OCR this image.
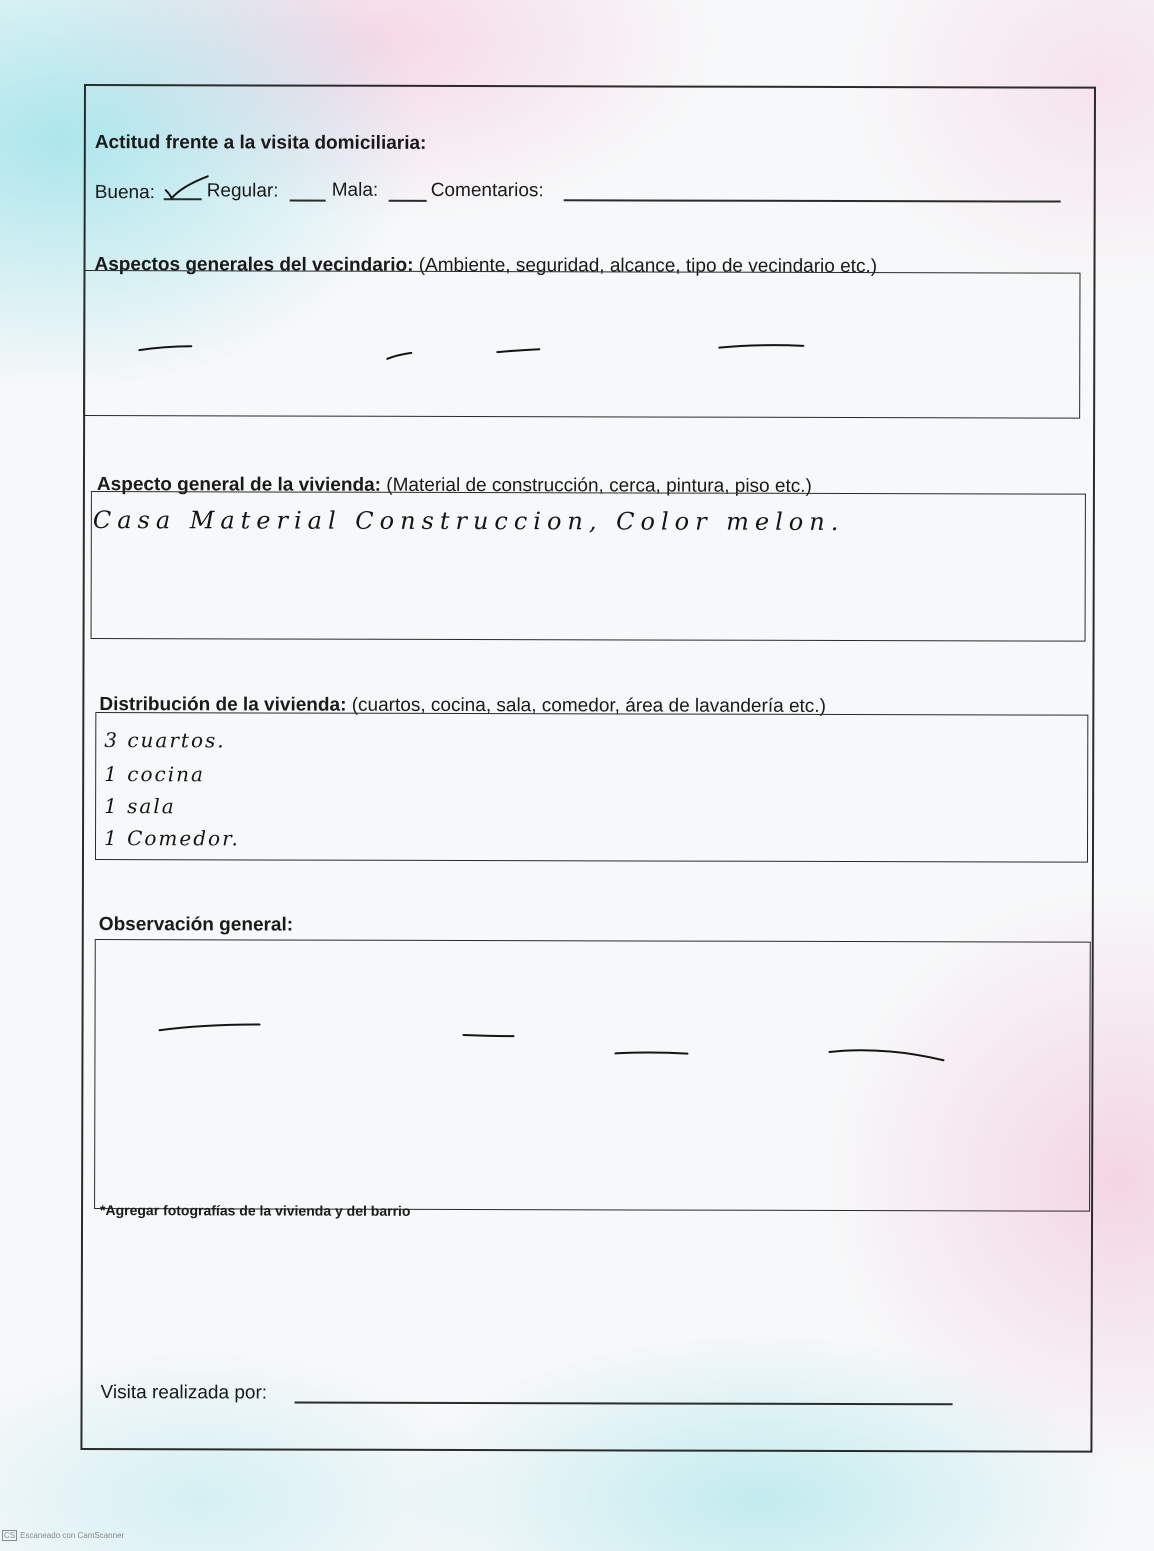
Actitud frente a la visita domiciliaria:
Buena:	Regular:	Mala:	Comentarios:
Aspectos generales del vecindario: (Ambiente, seguridad, alcance, tipo de vecindario etc.)
Aspecto general de la vivienda: (Material de construcción, cerca, pintura, piso etc.)
Casa Material Construccion, Color melon.
Distribución de la vivienda: (cuartos, cocina, sala, comedor, área de lavandería etc.)
3 cuartos.
1 cocina
1 sala
1 Comedor.
Observación general:
*Agregar fotografías de la vivienda y del barrio
Visita realizada por:
CS Escaneado con CamScanner
